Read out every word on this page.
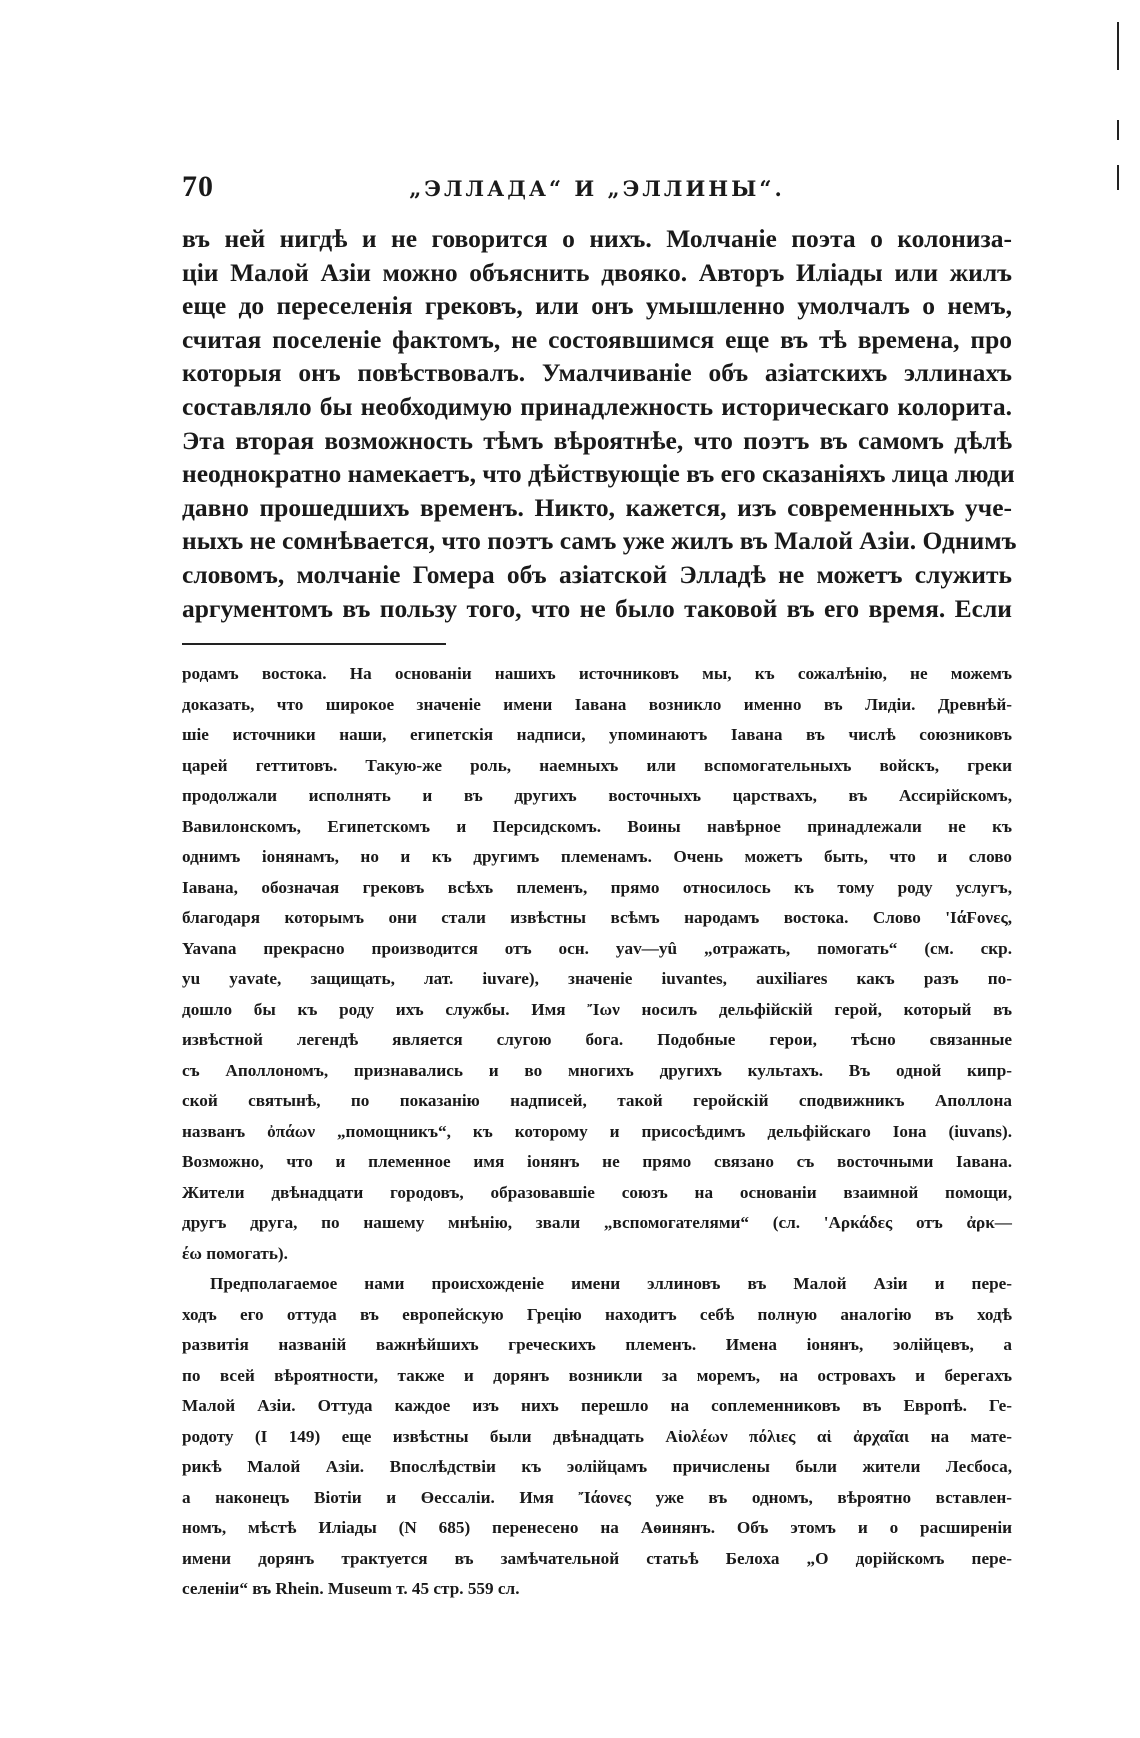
70	„ЭЛЛАДА“ И „ЭЛЛИНЫ“.
въ ней нигдѣ и не говорится о нихъ. Молчаніе поэта о колониза-
ціи Малой Азіи можно объяснить двояко. Авторъ Иліады или жилъ
еще до переселенія грековъ, или онъ умышленно умолчалъ о немъ,
считая поселеніе фактомъ, не состоявшимся еще въ тѣ времена, про
которыя онъ повѣствовалъ. Умалчиваніе объ азіатскихъ эллинахъ
составляло бы необходимую принадлежность историческаго колорита.
Эта вторая возможность тѣмъ вѣроятнѣе, что поэтъ въ самомъ дѣлѣ
неоднократно намекаетъ, что дѣйствующіе въ его сказаніяхъ лица люди
давно прошедшихъ временъ. Никто, кажется, изъ современныхъ уче-
ныхъ не сомнѣвается, что поэтъ самъ уже жилъ въ Малой Азіи. Однимъ
словомъ, молчаніе Гомера объ азіатской Элладѣ не можетъ служить
аргументомъ въ пользу того, что не было таковой въ его время. Если
родамъ востока. На основаніи нашихъ источниковъ мы, къ сожалѣнію, не можемъ
доказать, что широкое значеніе имени Іавана возникло именно въ Лидіи. Древнѣй-
шіе источники наши, египетскія надписи, упоминаютъ Іавана въ числѣ союзниковъ
царей геттитовъ. Такую-же роль, наемныхъ или вспомогательныхъ войскъ, греки
продолжали исполнять и въ другихъ восточныхъ царствахъ, въ Ассирійскомъ,
Вавилонскомъ, Египетскомъ и Персидскомъ. Воины навѣрное принадлежали не къ
однимъ іонянамъ, но и къ другимъ племенамъ. Очень можетъ быть, что и слово
Іавана, обозначая грековъ всѣхъ племенъ, прямо относилось къ тому роду услугъ,
благодаря которымъ они стали извѣстны всѣмъ народамъ востока. Слово 'ΙάϜονες,
Yavana прекрасно производится отъ осн. yav—yû „отражать, помогать“ (см. скр.
yu yavate, защищать, лат. iuvare), значеніе iuvantes, auxiliares какъ разъ по-
дошло бы къ роду ихъ службы. Имя Ἴων носилъ дельфійскій герой, который въ
извѣстной легендѣ является слугою бога. Подобные герои, тѣсно связанные
съ Аполлономъ, признавались и во многихъ другихъ культахъ. Въ одной кипр-
ской святынѣ, по показанію надписей, такой геройскій сподвижникъ Аполлона
названъ ὀπάων „помощникъ“, къ которому и присосѣдимъ дельфійскаго Іона (iuvans).
Возможно, что и племенное имя іонянъ не прямо связано съ восточными Іавана.
Жители двѣнадцати городовъ, образовавшіе союзъ на основаніи взаимной помощи,
другъ друга, по нашему мнѣнію, звали „вспомогателями“ (сл. 'Αρκάδες отъ ἀρκ—
έω помогать).
Предполагаемое нами происхожденіе имени эллиновъ въ Малой Азіи и пере-
ходъ его оттуда въ европейскую Грецію находитъ себѣ полную аналогію въ ходѣ
развитія названій важнѣйшихъ греческихъ племенъ. Имена іонянъ, эолійцевъ, а
по всей вѣроятности, также и дорянъ возникли за моремъ, на островахъ и берегахъ
Малой Азіи. Оттуда каждое изъ нихъ перешло на соплеменниковъ въ Европѣ. Ге-
родоту (I 149) еще извѣстны были двѣнадцать Αἰολέων πόλιες αἱ ἀρχαῖαι на матe-
рикѣ Малой Азіи. Впослѣдствіи къ эолійцамъ причислены были жители Лесбоса,
а наконецъ Віотіи и Өессаліи. Имя Ἴάονες уже въ одномъ, вѣроятно вставлен-
номъ, мѣстѣ Иліады (N 685) перенесено на Аѳинянъ. Объ этомъ и о расширеніи
имени дорянъ трактуется въ замѣчательной статьѣ Белоха „О дорійскомъ пере-
селеніи“ въ Rhein. Museum т. 45 стр. 559 сл.
